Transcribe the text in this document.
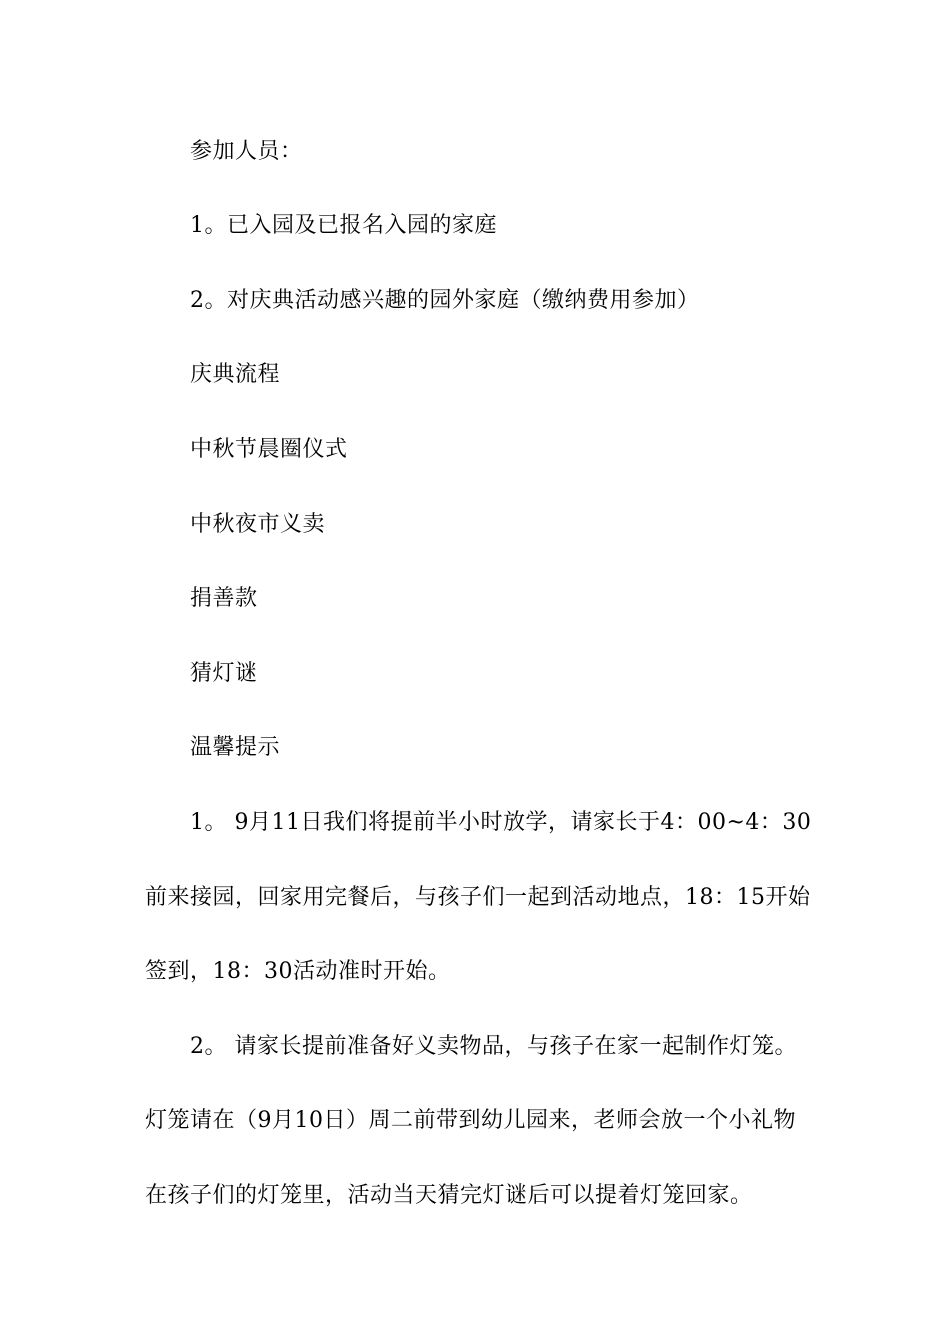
参加人员：
1。已入园及已报名入园的家庭
2。对庆典活动感兴趣的园外家庭（缴纳费用参加）
庆典流程
中秋节晨圈仪式
中秋夜市义卖
捐善款
猜灯谜
温馨提示
1。 9月11日我们将提前半小时放学，请家长于4：00~4：30
前来接园，回家用完餐后，与孩子们一起到活动地点，18：15开始
签到，18：30活动准时开始。
2。 请家长提前准备好义卖物品，与孩子在家一起制作灯笼。
灯笼请在（9月10日）周二前带到幼儿园来，老师会放一个小礼物
在孩子们的灯笼里，活动当天猜完灯谜后可以提着灯笼回家。
